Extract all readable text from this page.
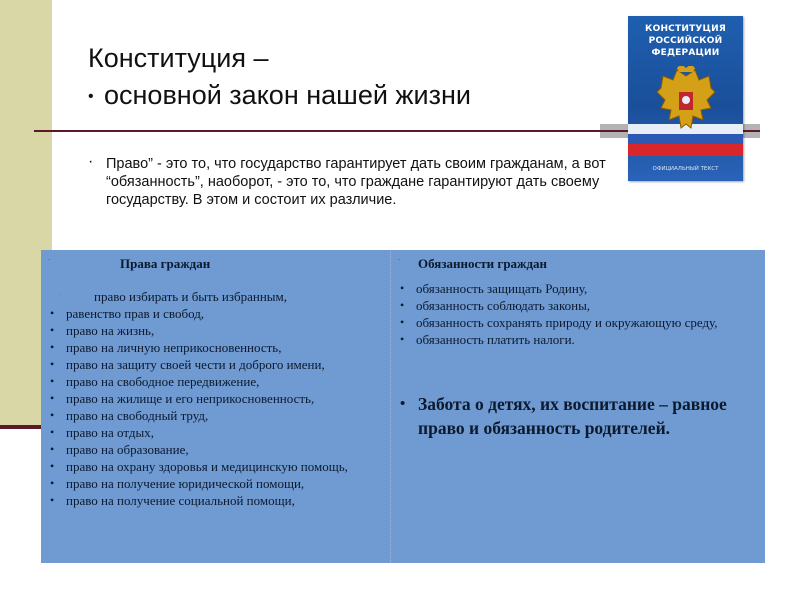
Конституция –
• основной закон нашей жизни
КОНСТИТУЦИЯ
РОССИЙСКОЙ
ФЕДЕРАЦИИ
ОФИЦИАЛЬНЫЙ ТЕКСТ
· Право” - это то, что государство гарантирует дать своим гражданам, а вот “обязанность”, наоборот, - это то, что граждане гарантируют дать своему государству. В этом и состоит их различие.
·	Права граждан
·	право избирать и быть избранным,
• равенство прав и свобод,
• право на жизнь,
• право на личную неприкосновенность,
• право на защиту своей чести и доброго имени,
• право на свободное передвижение,
• право на жилище и его неприкосновенность,
• право на свободный труд,
• право на отдых,
• право на образование,
• право на охрану здоровья и медицинскую помощь,
• право на получение юридической помощи,
• право на получение социальной помощи,
· Обязанности граждан
• обязанность защищать Родину,
• обязанность соблюдать законы,
• обязанность сохранять природу и окружающую среду,
• обязанность платить налоги.
• Забота о детях, их воспитание – равное право и обязанность родителей.
